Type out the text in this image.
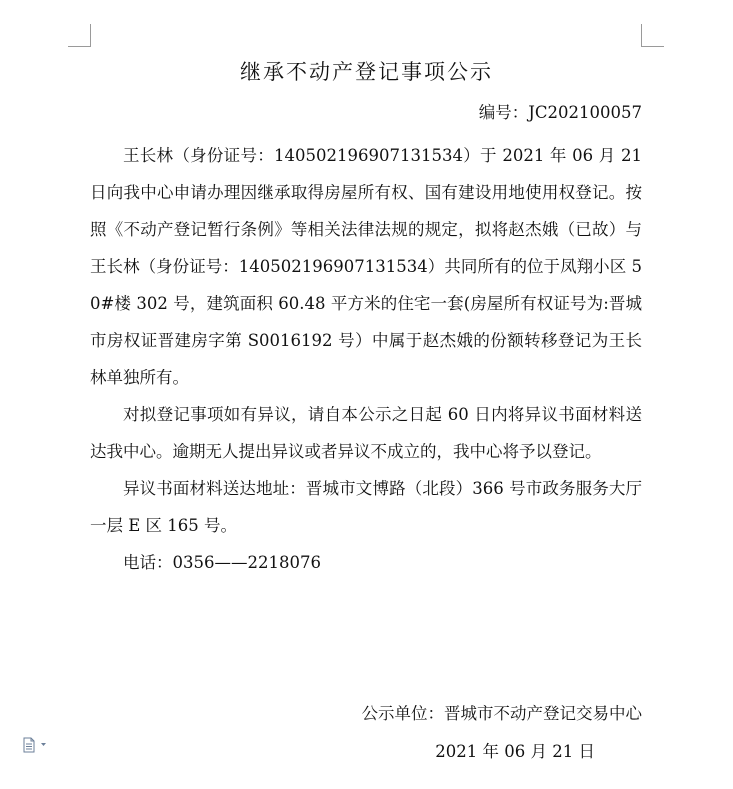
继承不动产登记事项公示
编号：JC202100057

王长林（身份证号：140502196907131534）于 2021 年 06 月 21 日向我中心申请办理因继承取得房屋所有权、国有建设用地使用权登记。按照《不动产登记暂行条例》等相关法律法规的规定，拟将赵杰娥（已故）与王长林（身份证号：140502196907131534）共同所有的位于凤翔小区 50#楼 302 号，建筑面积 60.48 平方米的住宅一套(房屋所有权证号为:晋城市房权证晋建房字第 S0016192 号）中属于赵杰娥的份额转移登记为王长林单独所有。

对拟登记事项如有异议，请自本公示之日起 60 日内将异议书面材料送达我中心。逾期无人提出异议或者异议不成立的，我中心将予以登记。

异议书面材料送达地址：晋城市文博路（北段）366 号市政务服务大厅一层 E 区 165 号。

电话：0356——2218076

公示单位：晋城市不动产登记交易中心
2021 年 06 月 21 日
